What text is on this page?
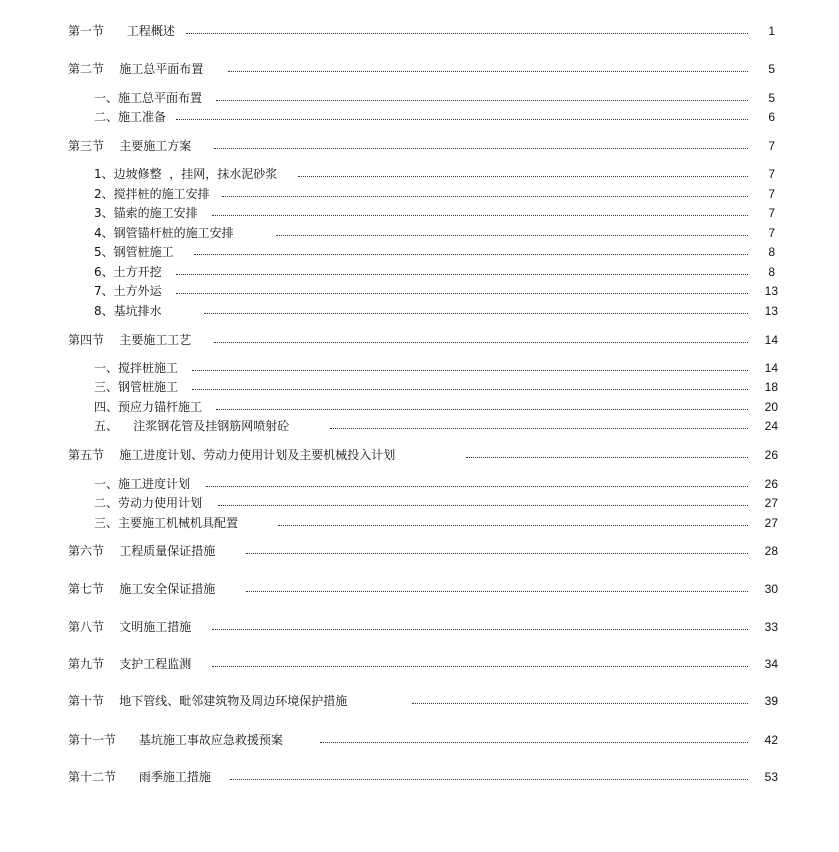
第一节      工程概述	1
第二节    施工总平面布置	5
一、施工总平面布置	5
二、施工准备	6
第三节    主要施工方案	7
1、边坡修整  ，挂网，抹水泥砂浆	7
2、搅拌桩的施工安排	7
3、锚索的施工安排	7
4、钢管锚杆桩的施工安排	7
5、钢管桩施工	8
6、土方开挖	8
7、土方外运	13
8、基坑排水	13
第四节    主要施工工艺	14
一、搅拌桩施工	14
三、钢管桩施工	18
四、预应力锚杆施工	20
五、    注浆钢花管及挂钢筋网喷射砼	24
第五节    施工进度计划、劳动力使用计划及主要机械投入计划	26
一、施工进度计划	26
二、劳动力使用计划	27
三、主要施工机械机具配置	27
第六节    工程质量保证措施	28
第七节    施工安全保证措施	30
第八节    文明施工措施	33
第九节    支护工程监测	34
第十节    地下管线、毗邻建筑物及周边环境保护措施	39
第十一节      基坑施工事故应急救援预案	42
第十二节      雨季施工措施	53
